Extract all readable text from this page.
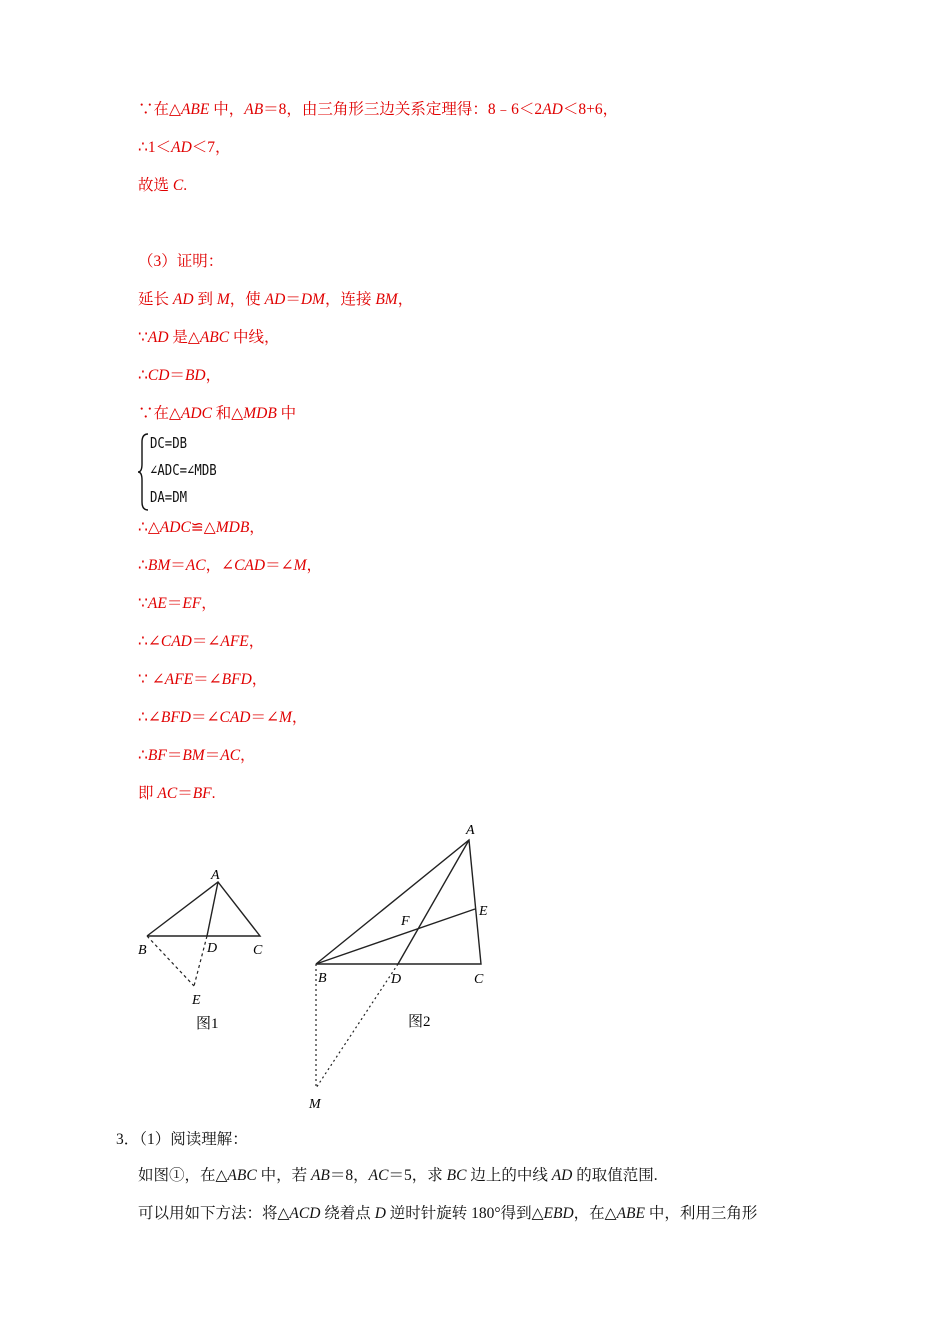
∵在△ABE 中，AB＝8，由三角形三边关系定理得：8﹣6＜2AD＜8+6，
∴1＜AD＜7，
故选 C.
（3）证明：
延长 AD 到 M，使 AD＝DM，连接 BM，
∵AD 是△ABC 中线，
∴CD＝BD，
∵在△ADC 和△MDB 中
DC=DB
∠ADC=∠MDB
DA=DM
∴△ADC≌△MDB，
∴BM＝AC，∠CAD＝∠M，
∵AE＝EF，
∴∠CAD＝∠AFE，
∵ ∠AFE＝∠BFD，
∴∠BFD＝∠CAD＝∠M，
∴BF＝BM＝AC，
即 AC＝BF.
A
B	C
D
E
图1
A
B	C
D
E
F
M
图2
3．（1）阅读理解：
如图①，在△ABC 中，若 AB＝8，AC＝5，求 BC 边上的中线 AD 的取值范围.
可以用如下方法：将△ACD 绕着点 D 逆时针旋转 180°得到△EBD，在△ABE 中，利用三角形
